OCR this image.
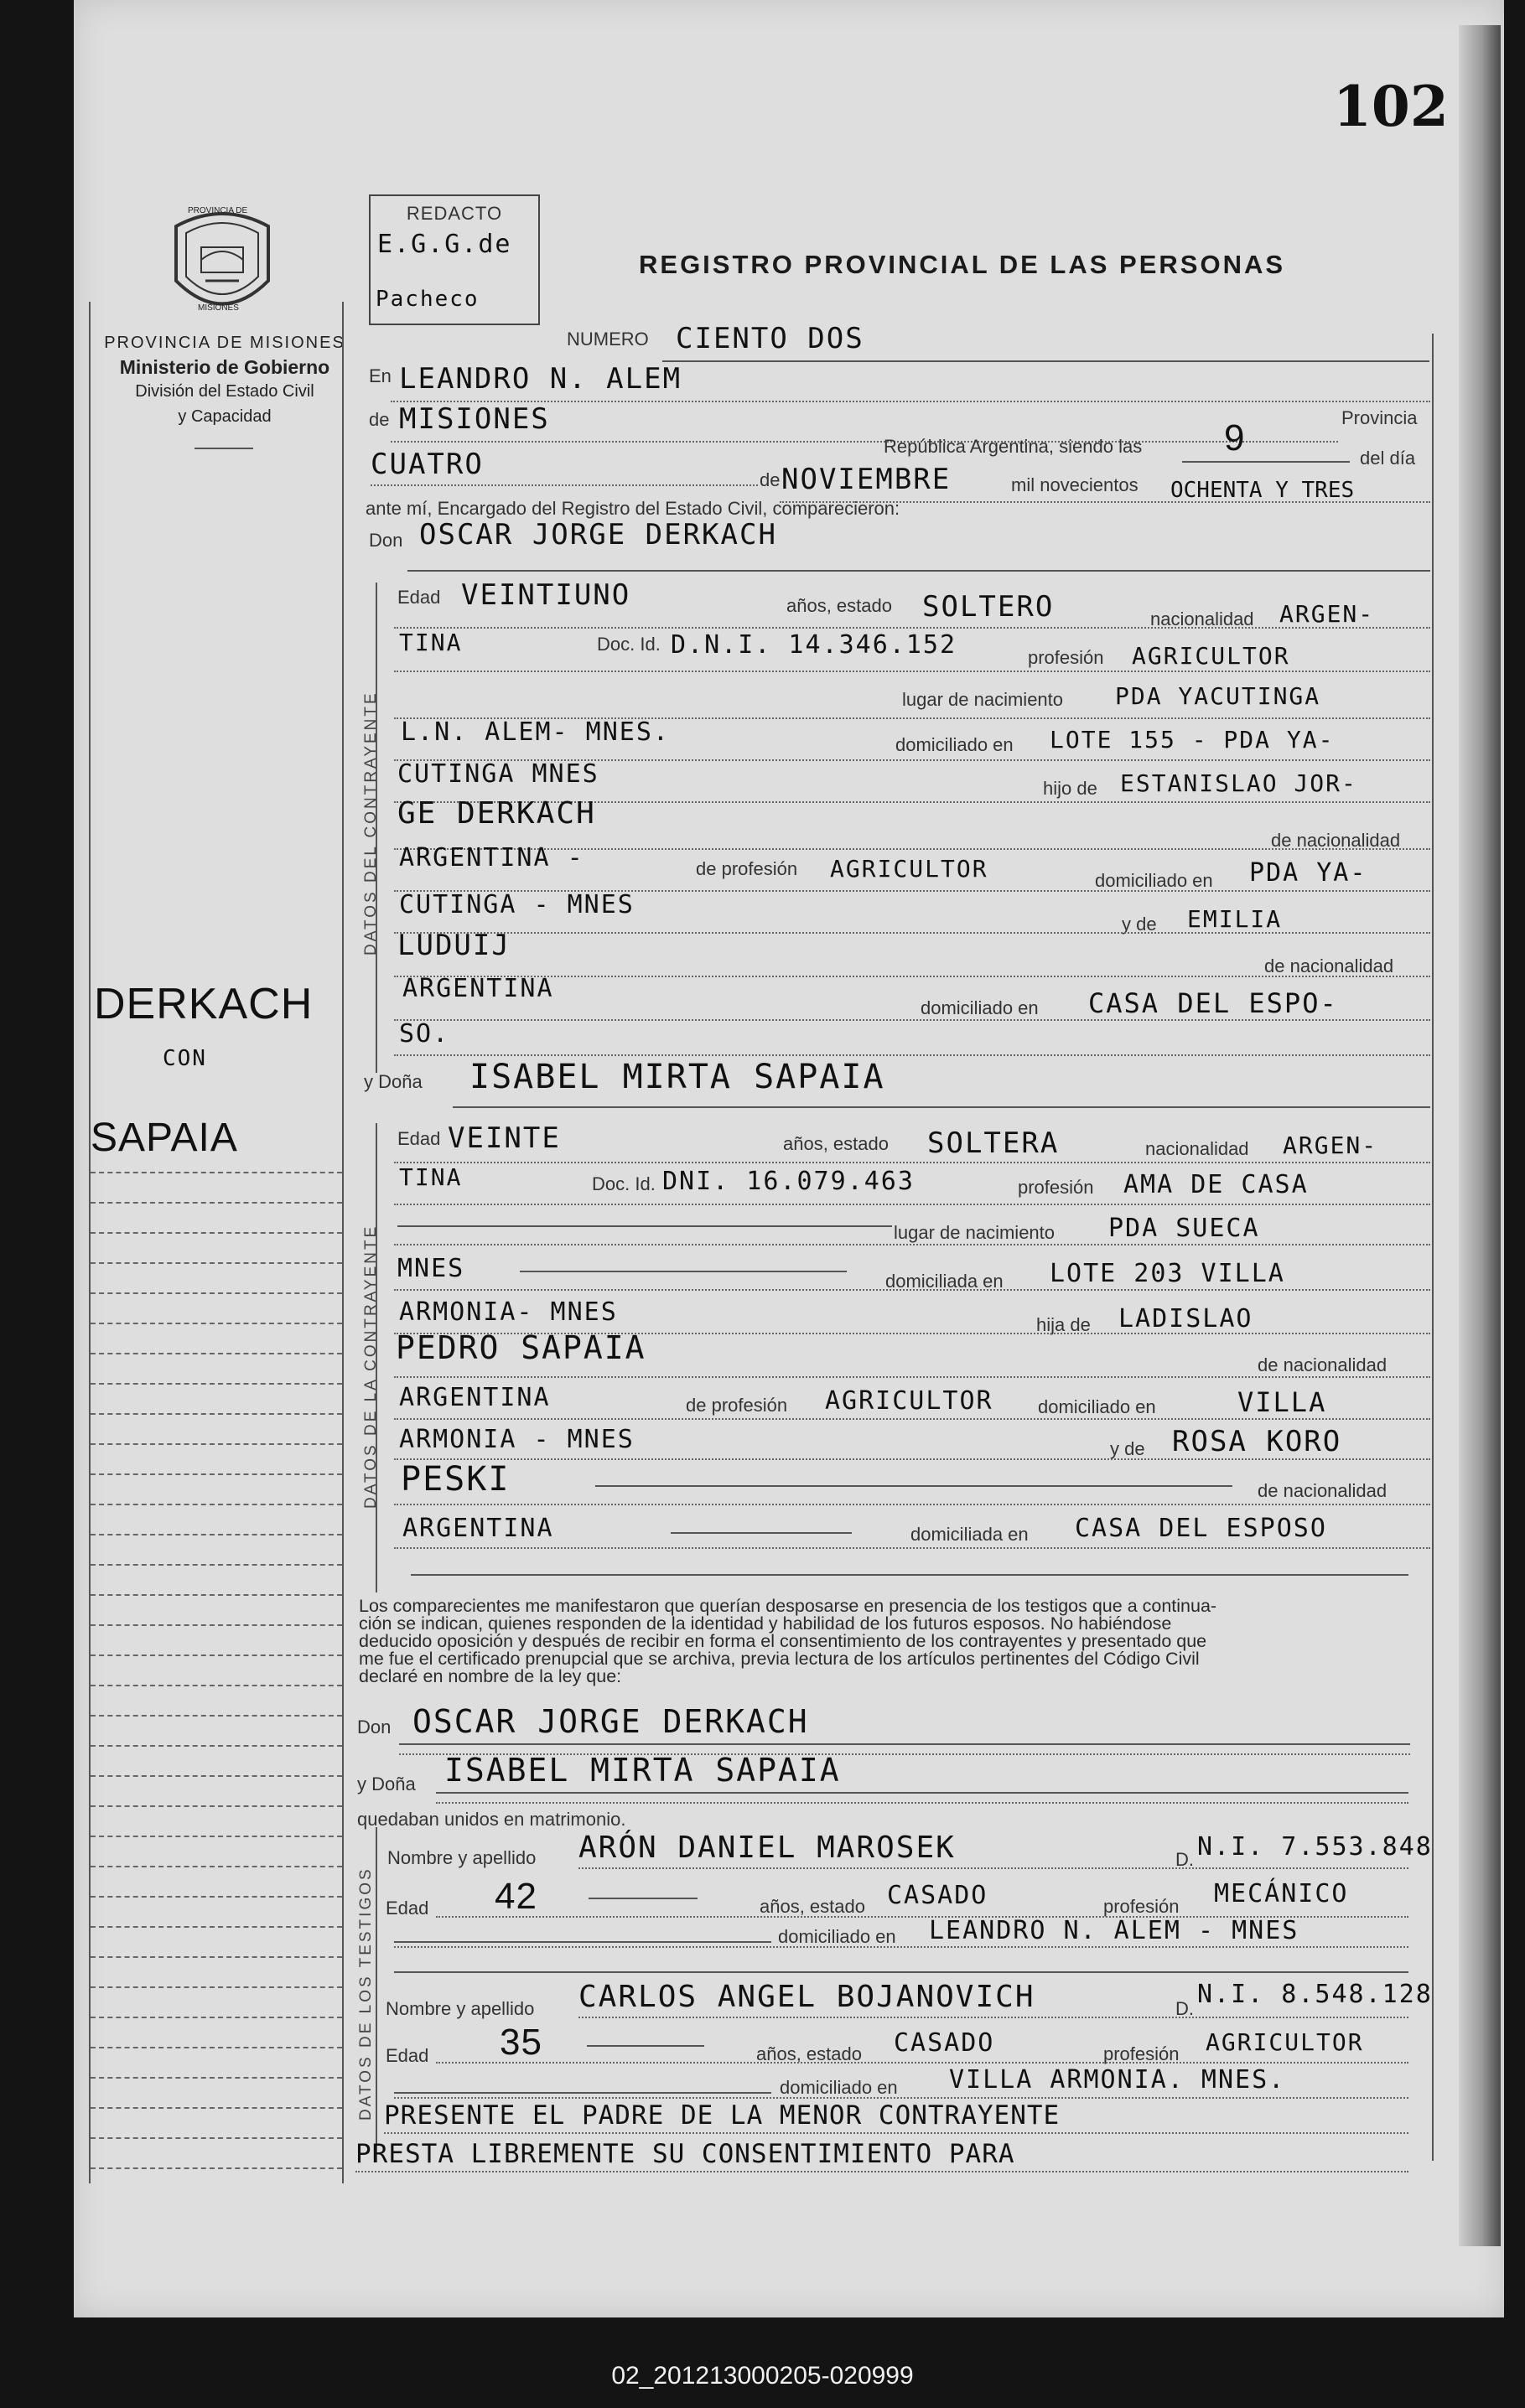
102
PROVINCIA DE
MISIONES
PROVINCIA DE MISIONES
Ministerio de Gobierno
División del Estado Civil
y Capacidad
REDACTO
E.G.G.de
Pacheco
REGISTRO PROVINCIAL DE LAS PERSONAS
DERKACH
CON
SAPAIA
NUMERO CIENTO DOS
En LEANDRO N. ALEM
de MISIONES	Provincia
República Argentina, siendo las 9	del día
CUATRO	de NOVIEMBRE	mil novecientos OCHENTA Y TRES
ante mí, Encargado del Registro del Estado Civil, comparecieron:
Don OSCAR JORGE DERKACH
DATOS DEL CONTRAYENTE
Edad VEINTIUNO	años, estado SOLTERO	nacionalidad ARGEN-
TINA	Doc. Id. D.N.I. 14.346.152	profesión AGRICULTOR
lugar de nacimiento PDA YACUTINGA
L.N. ALEM- MNES.	domiciliado en LOTE 155 - PDA YA-
CUTINGA MNES	hijo de ESTANISLAO JOR-
GE DERKACH
de nacionalidad
ARGENTINA -	de profesión AGRICULTOR	domiciliado en PDA YA-
CUTINGA - MNES
y de EMILIA
LUDUIJ
de nacionalidad
ARGENTINA
domiciliado en CASA DEL ESPO-
SO.
y Doña ISABEL MIRTA SAPAIA
DATOS DE LA CONTRAYENTE
Edad VEINTE	años, estado SOLTERA	nacionalidad ARGEN-
TINA	Doc. Id. DNI. 16.079.463	profesión AMA DE CASA
lugar de nacimiento PDA SUECA
MNES	domiciliada en LOTE 203 VILLA
ARMONIA- MNES	hija de LADISLAO
PEDRO SAPAIA	de nacionalidad
ARGENTINA	de profesión AGRICULTOR domiciliado en	VILLA
ARMONIA - MNES	y de ROSA KORO
PESKI	de nacionalidad
ARGENTINA	domiciliada en CASA DEL ESPOSO
Los comparecientes me manifestaron que querían desposarse en presencia de los testigos que a continua-
ción se indican, quienes responden de la identidad y habilidad de los futuros esposos. No habiéndose
deducido oposición y después de recibir en forma el consentimiento de los contrayentes y presentado que
me fue el certificado prenupcial que se archiva, previa lectura de los artículos pertinentes del Código Civil
declaré en nombre de la ley que:
Don OSCAR JORGE DERKACH
y Doña ISABEL MIRTA SAPAIA
quedaban unidos en matrimonio.
DATOS DE LOS TESTIGOS
Nombre y apellido ARÓN DANIEL MAROSEK	D. N.I. 7.553.848
Edad 42	años, estado CASADO	profesión MECÁNICO
domiciliado en LEANDRO N. ALEM - MNES
Nombre y apellido CARLOS ANGEL BOJANOVICH	D. N.I. 8.548.128
Edad 35	años, estado CASADO	profesión AGRICULTOR
domiciliado en VILLA ARMONIA. MNES.
PRESENTE EL PADRE DE LA MENOR CONTRAYENTE
PRESTA LIBREMENTE SU CONSENTIMIENTO PARA
02_201213000205-020999
